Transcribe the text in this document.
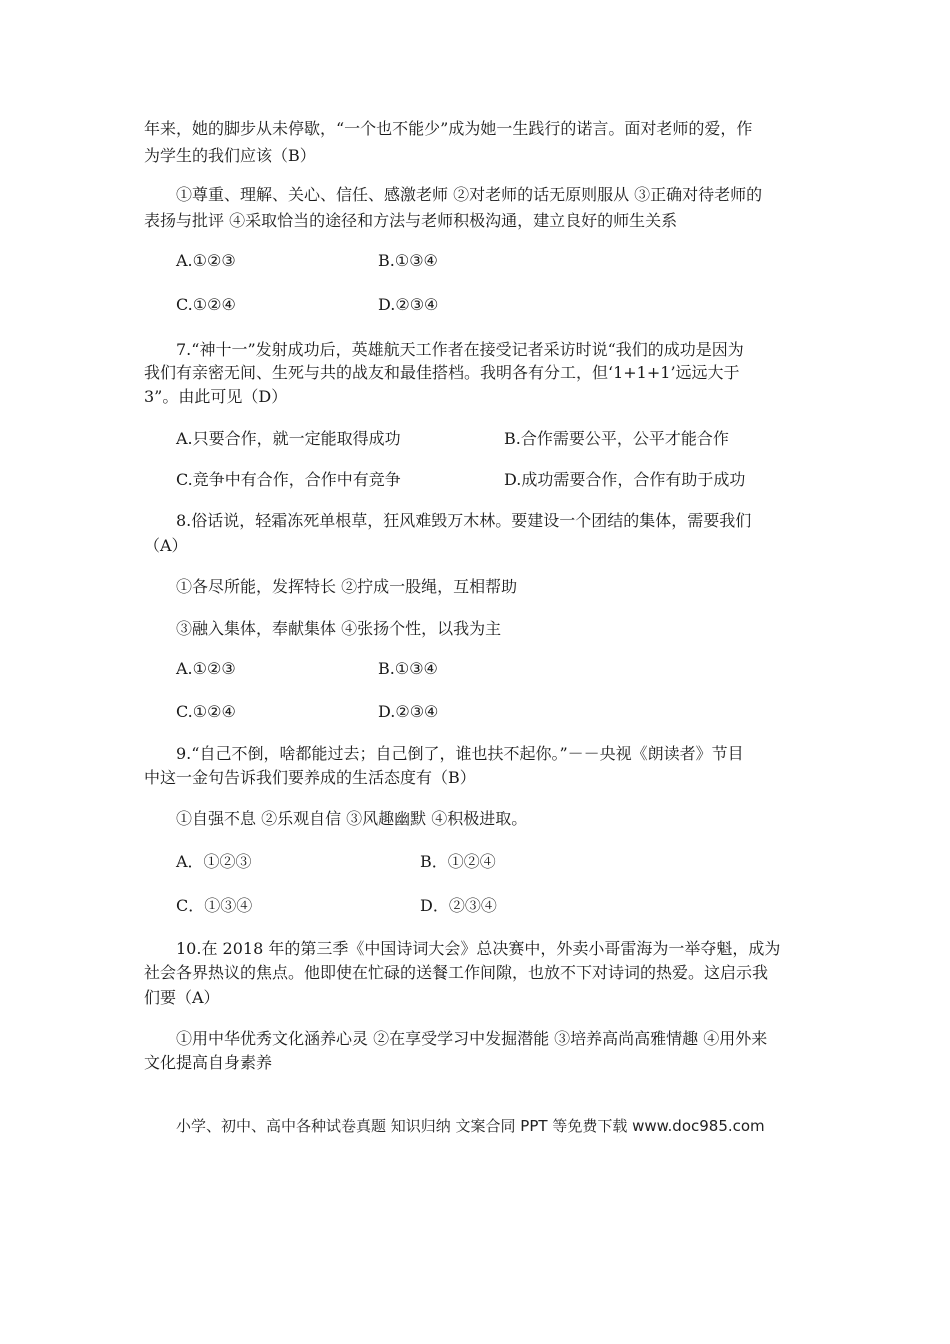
年来，她的脚步从未停歇，“一个也不能少”成为她一生践行的诺言。面对老师的爱，作
为学生的我们应该（B）
①尊重、理解、关心、信任、感激老师 ②对老师的话无原则服从 ③正确对待老师的
表扬与批评 ④采取恰当的途径和方法与老师积极沟通，建立良好的师生关系
A.①②③	B.①③④
C.①②④	D.②③④
7.“神十一”发射成功后，英雄航天工作者在接受记者采访时说“我们的成功是因为
我们有亲密无间、生死与共的战友和最佳搭档。我明各有分工，但‘1+1+1’远远大于
3”。由此可见（D）
A.只要合作，就一定能取得成功	B.合作需要公平，公平才能合作
C.竞争中有合作，合作中有竞争	D.成功需要合作，合作有助于成功
8.俗话说，轻霜冻死单根草，狂风难毁万木林。要建设一个团结的集体，需要我们
（A）
①各尽所能，发挥特长 ②拧成一股绳，互相帮助
③融入集体，奉献集体 ④张扬个性，以我为主
A.①②③	B.①③④
C.①②④	D.②③④
9.“自己不倒，啥都能过去；自己倒了，谁也扶不起你。”－－央视《朗读者》节目
中这一金句告诉我们要养成的生活态度有（B）
①自强不息 ②乐观自信 ③风趣幽默 ④积极进取。
A．①②③	B．①②④
C．①③④	D．②③④
10.在 2018 年的第三季《中国诗词大会》总决赛中，外卖小哥雷海为一举夺魁，成为
社会各界热议的焦点。他即使在忙碌的送餐工作间隙，也放不下对诗词的热爱。这启示我
们要（A）
①用中华优秀文化涵养心灵 ②在享受学习中发掘潜能 ③培养高尚高雅情趣 ④用外来
文化提高自身素养
小学、初中、高中各种试卷真题 知识归纳 文案合同 PPT 等免费下载 www.doc985.com
